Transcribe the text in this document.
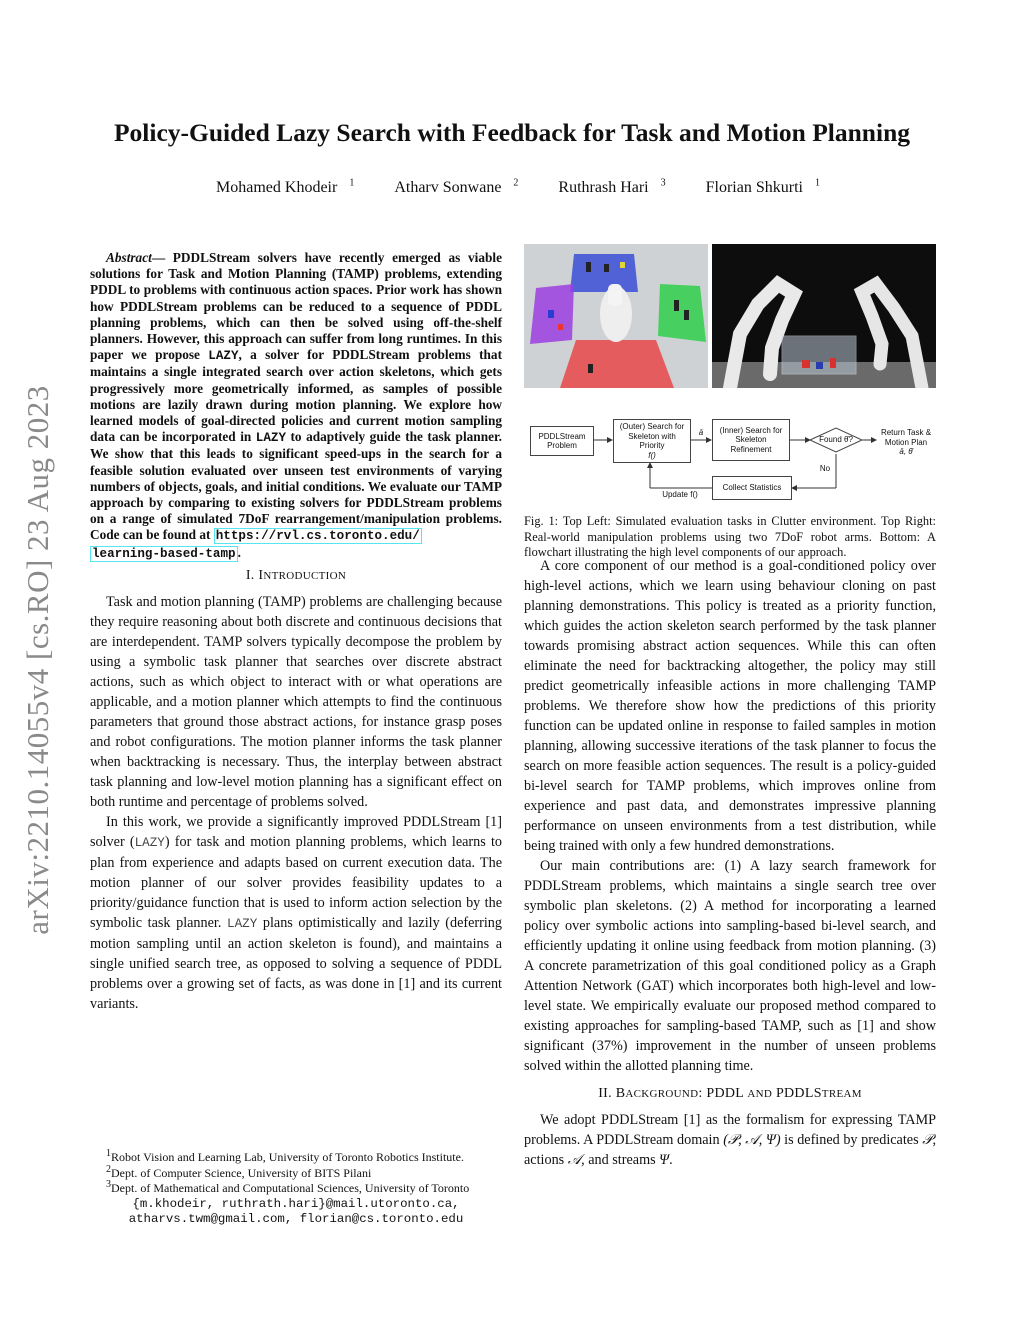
arXiv:2210.14055v4 [cs.RO] 23 Aug 2023
Policy-Guided Lazy Search with Feedback for Task and Motion Planning
Mohamed Khodeir $^1$	Atharv Sonwane $^2$	Ruthrash Hari $^3$	Florian Shkurti $^1$

Abstract— PDDLStream solvers have recently emerged as viable solutions for Task and Motion Planning (TAMP) problems, extending PDDL to problems with continuous action spaces. Prior work has shown how PDDLStream problems can be reduced to a sequence of PDDL planning problems, which can then be solved using off-the-shelf planners. However, this approach can suffer from long runtimes. In this paper we propose LAZY, a solver for PDDLStream problems that maintains a single integrated search over action skeletons, which gets progressively more geometrically informed, as samples of possible motions are lazily drawn during motion planning. We explore how learned models of goal-directed policies and current motion sampling data can be incorporated in LAZY to adaptively guide the task planner. We show that this leads to significant speed-ups in the search for a feasible solution evaluated over unseen test environments of varying numbers of objects, goals, and initial conditions. We evaluate our TAMP approach by comparing to existing solvers for PDDLStream problems on a range of simulated 7DoF rearrangement/manipulation problems. Code can be found at https://rvl.cs.toronto.edu/
learning-based-tamp .

I. INTRODUCTION

Task and motion planning (TAMP) problems are challenging because they require reasoning about both discrete and continuous decisions that are interdependent. TAMP solvers typically decompose the problem by using a symbolic task planner that searches over discrete abstract actions, such as which object to interact with or what operations are applicable, and a motion planner which attempts to find the continuous parameters that ground those abstract actions, for instance grasp poses and robot configurations. The motion planner informs the task planner when backtracking is necessary. Thus, the interplay between abstract task planning and low-level motion planning has a significant effect on both runtime and percentage of problems solved.

In this work, we provide a significantly improved PDDLStream [1] solver (LAZY) for task and motion planning problems, which learns to plan from experience and adapts based on current execution data. The motion planner of our solver provides feasibility updates to a priority/guidance function that is used to inform action selection by the symbolic task planner. LAZY plans optimistically and lazily (deferring motion sampling until an action skeleton is found), and maintains a single unified search tree, as opposed to solving a sequence of PDDL problems over a growing set of facts, as was done in [1] and its current variants.

$^1$Robot Vision and Learning Lab, University of Toronto Robotics Institute.
$^2$Dept. of Computer Science, University of BITS Pilani
$^3$Dept. of Mathematical and Computational Sciences, University of Toronto
{m.khodeir, ruthrath.hari}@mail.utoronto.ca,
atharvs.twm@gmail.com, florian@cs.toronto.edu
PDDLStream Problem
(Outer) Search for
Skeleton with
Priority
f()
ā	(Inner) Search for
Skeleton
Refinement
Found θ̄?
Return Task &
Motion Plan
ā, θ̄
No
Collect Statistics
Update f()
Fig. 1: Top Left: Simulated evaluation tasks in Clutter environment. Top Right: Real-world manipulation problems using two 7DoF robot arms. Bottom: A flowchart illustrating the high level components of our approach.

A core component of our method is a goal-conditioned policy over high-level actions, which we learn using behaviour cloning on past planning demonstrations. This policy is treated as a priority function, which guides the action skeleton search performed by the task planner towards promising abstract action sequences. While this can often eliminate the need for backtracking altogether, the policy may still predict geometrically infeasible actions in more challenging TAMP problems. We therefore show how the predictions of this priority function can be updated online in response to failed samples in motion planning, allowing successive iterations of the task planner to focus the search on more feasible action sequences. The result is a policy-guided bi-level search for TAMP problems, which improves online from experience and past data, and demonstrates impressive planning performance on unseen environments from a test distribution, while being trained with only a few hundred demonstrations.

Our main contributions are: (1) A lazy search framework for PDDLStream problems, which maintains a single search tree over symbolic plan skeletons. (2) A method for incorporating a learned policy over symbolic actions into sampling-based bi-level search, and efficiently updating it online using feedback from motion planning. (3) A concrete parametrization of this goal conditioned policy as a Graph Attention Network (GAT) which incorporates both high-level and low-level state. We empirically evaluate our proposed method compared to existing approaches for sampling-based TAMP, such as [1] and show significant (37%) improvement in the number of unseen problems solved within the allotted planning time.

II. BACKGROUND: PDDL AND PDDLSTREAM

We adopt PDDLStream [1] as the formalism for expressing TAMP problems. A PDDLStream domain (𝒫, 𝒜, Ψ) is defined by predicates 𝒫, actions 𝒜, and streams Ψ.
